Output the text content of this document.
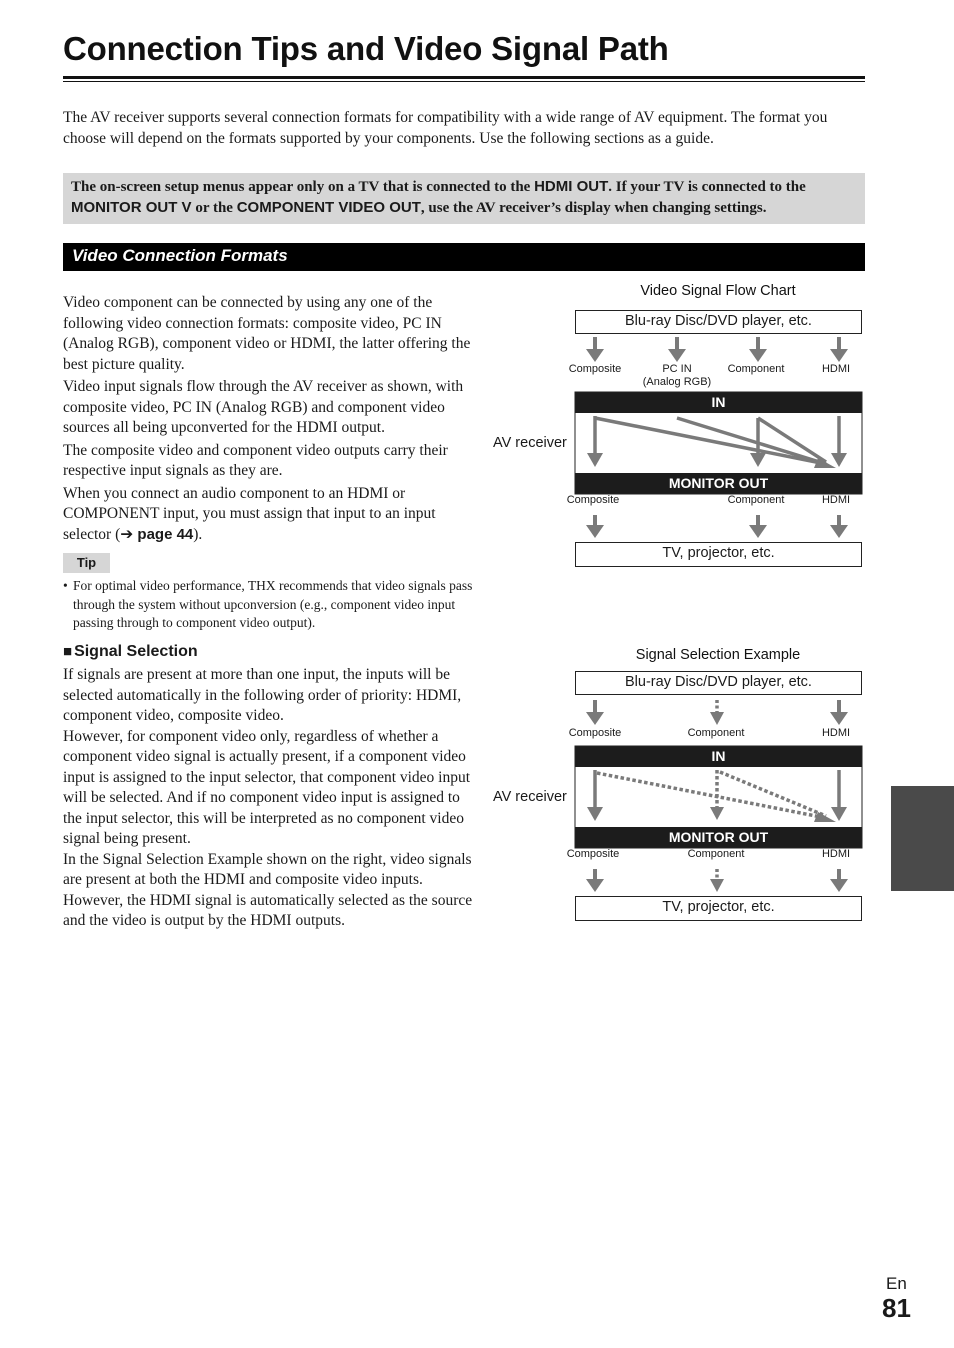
Connection Tips and Video Signal Path

The AV receiver supports several connection formats for compatibility with a wide range of AV equipment. The format you choose will depend on the formats supported by your components. Use the following sections as a guide.

The on-screen setup menus appear only on a TV that is connected to the HDMI OUT. If your TV is connected to the MONITOR OUT V or the COMPONENT VIDEO OUT, use the AV receiver’s display when changing settings.
Video Connection Formats

Video component can be connected by using any one of the following video connection formats: composite video, PC IN (Analog RGB), component video or HDMI, the latter offering the best picture quality.

Video input signals flow through the AV receiver as shown, with composite video, PC IN (Analog RGB) and component video sources all being upconverted for the HDMI output.

The composite video and component video outputs carry their respective input signals as they are.

When you connect an audio component to an HDMI or COMPONENT input, you must assign that input to an input selector (➔ page 44).

Tip
• For optimal video performance, THX recommends that video signals pass through the system without upconversion (e.g., component video input passing through to component video output).
■ Signal Selection

If signals are present at more than one input, the inputs will be selected automatically in the following order of priority: HDMI, component video, composite video.

However, for component video only, regardless of whether a component video signal is actually present, if a component video input is assigned to the input selector, that component video input will be selected. And if no component video input is assigned to the input selector, this will be interpreted as no component video signal being present.

In the Signal Selection Example shown on the right, video signals are present at both the HDMI and composite video inputs. However, the HDMI signal is automatically selected as the source and the video is output by the HDMI outputs.

Video Signal Flow Chart
Blu-ray Disc/DVD player, etc.
Composite	PC IN
(Analog RGB)
Component	HDMI
IN
AV receiver
MONITOR OUT
Composite	Component	HDMI
TV, projector, etc.
Signal Selection Example
Blu-ray Disc/DVD player, etc.
Composite	Component	HDMI
IN
AV receiver
MONITOR OUT
Composite	Component	HDMI
TV, projector, etc.
En
81
